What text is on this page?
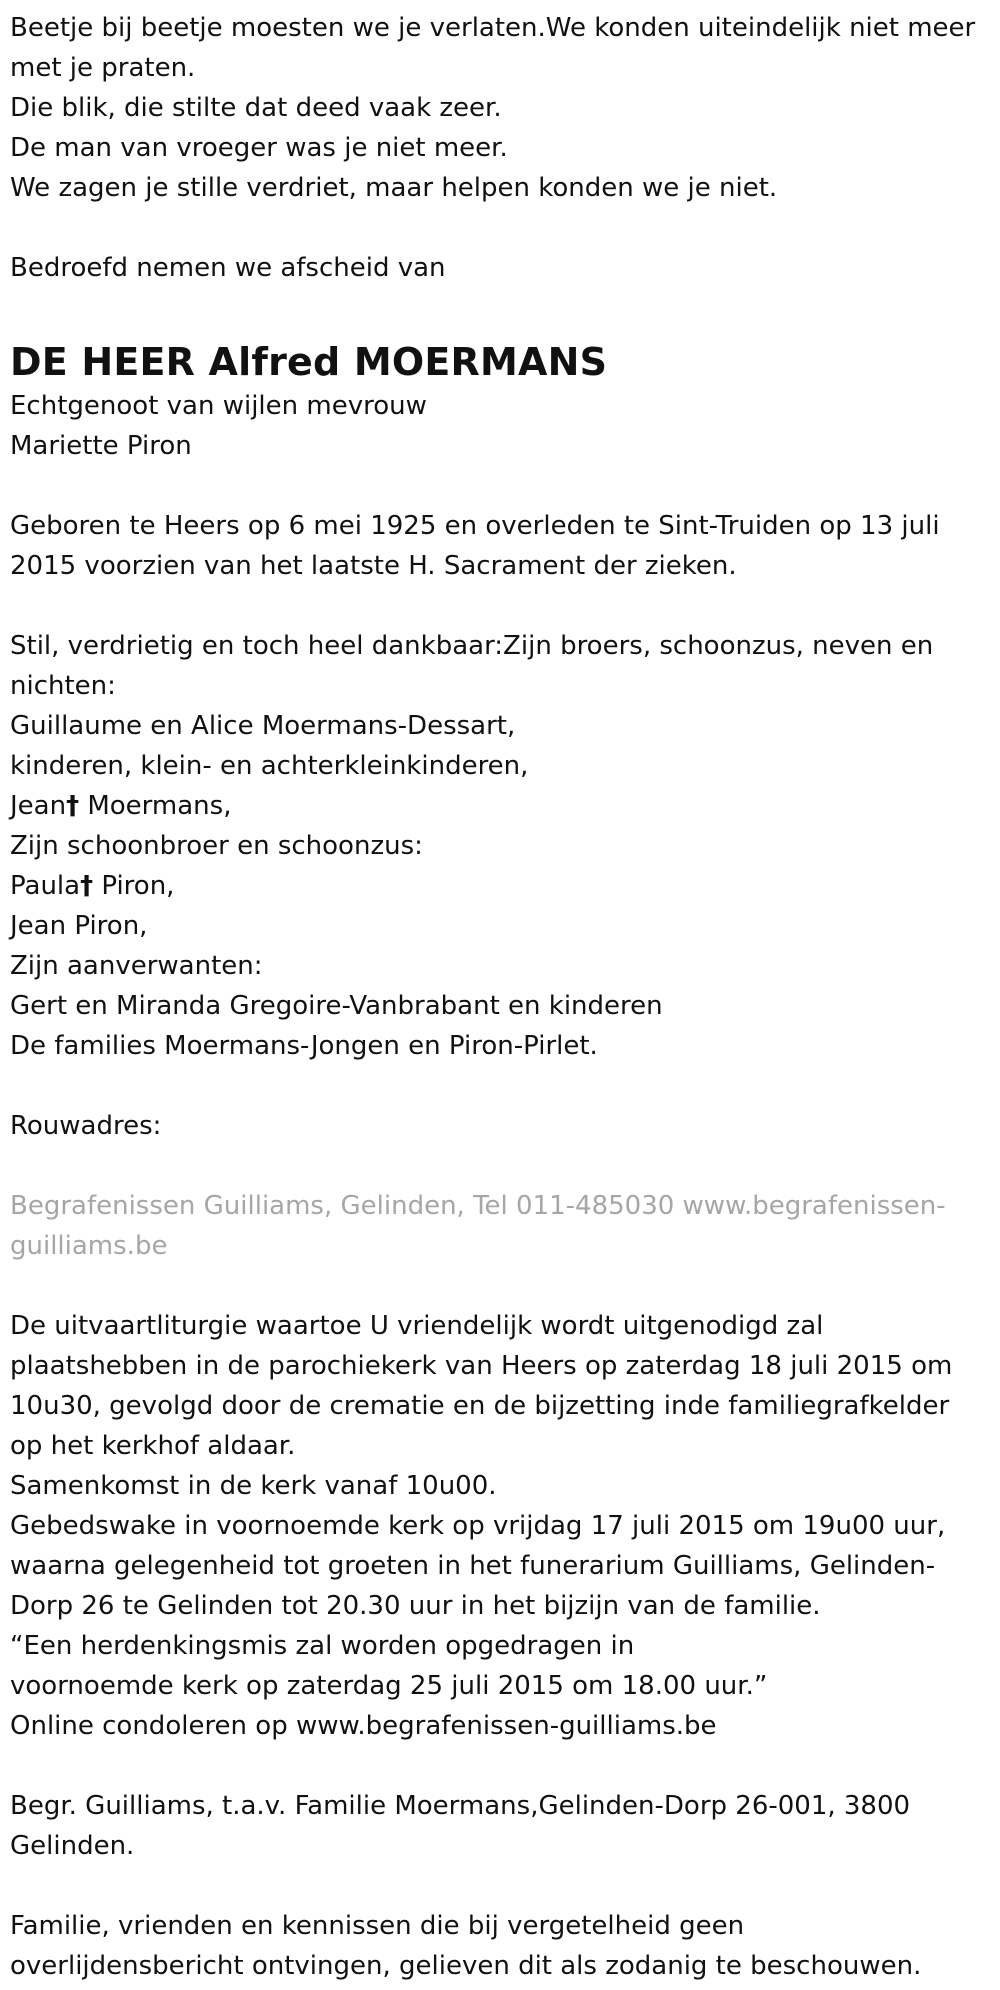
Beetje bij beetje moesten we je verlaten.We konden uiteindelijk niet meer met je praten.
Die blik, die stilte dat deed vaak zeer.
De man van vroeger was je niet meer.
We zagen je stille verdriet, maar helpen konden we je niet.
Bedroefd nemen we afscheid van
DE HEER Alfred MOERMANS
Echtgenoot van wijlen mevrouw
Mariette Piron
Geboren te Heers op 6 mei 1925 en overleden te Sint-Truiden op 13 juli 2015 voorzien van het laatste H. Sacrament der zieken.
Stil, verdrietig en toch heel dankbaar:Zijn broers, schoonzus, neven en nichten:
Guillaume en Alice Moermans-Dessart,
kinderen, klein- en achterkleinkinderen,
Jean† Moermans,
Zijn schoonbroer en schoonzus:
Paula† Piron,
Jean Piron,
Zijn aanverwanten:
Gert en Miranda Gregoire-Vanbrabant en kinderen
De families Moermans-Jongen en Piron-Pirlet.
Rouwadres:
Begrafenissen Guilliams, Gelinden, Tel 011-485030 www.begrafenissen-guilliams.be
De uitvaartliturgie waartoe U vriendelijk wordt uitgenodigd zal plaatshebben in de parochiekerk van Heers op zaterdag 18 juli 2015 om 10u30, gevolgd door de crematie en de bijzetting inde familiegrafkelder op het kerkhof aldaar.
Samenkomst in de kerk vanaf 10u00.
Gebedswake in voornoemde kerk op vrijdag 17 juli 2015 om 19u00 uur, waarna gelegenheid tot groeten in het funerarium Guilliams, Gelinden-Dorp 26 te Gelinden tot 20.30 uur in het bijzijn van de familie.
“Een herdenkingsmis zal worden opgedragen in
voornoemde kerk op zaterdag 25 juli 2015 om 18.00 uur.”
Online condoleren op www.begrafenissen-guilliams.be
Begr. Guilliams, t.a.v. Familie Moermans,Gelinden-Dorp 26-001, 3800 Gelinden.
Familie, vrienden en kennissen die bij vergetelheid geen overlijdensbericht ontvingen, gelieven dit als zodanig te beschouwen.
